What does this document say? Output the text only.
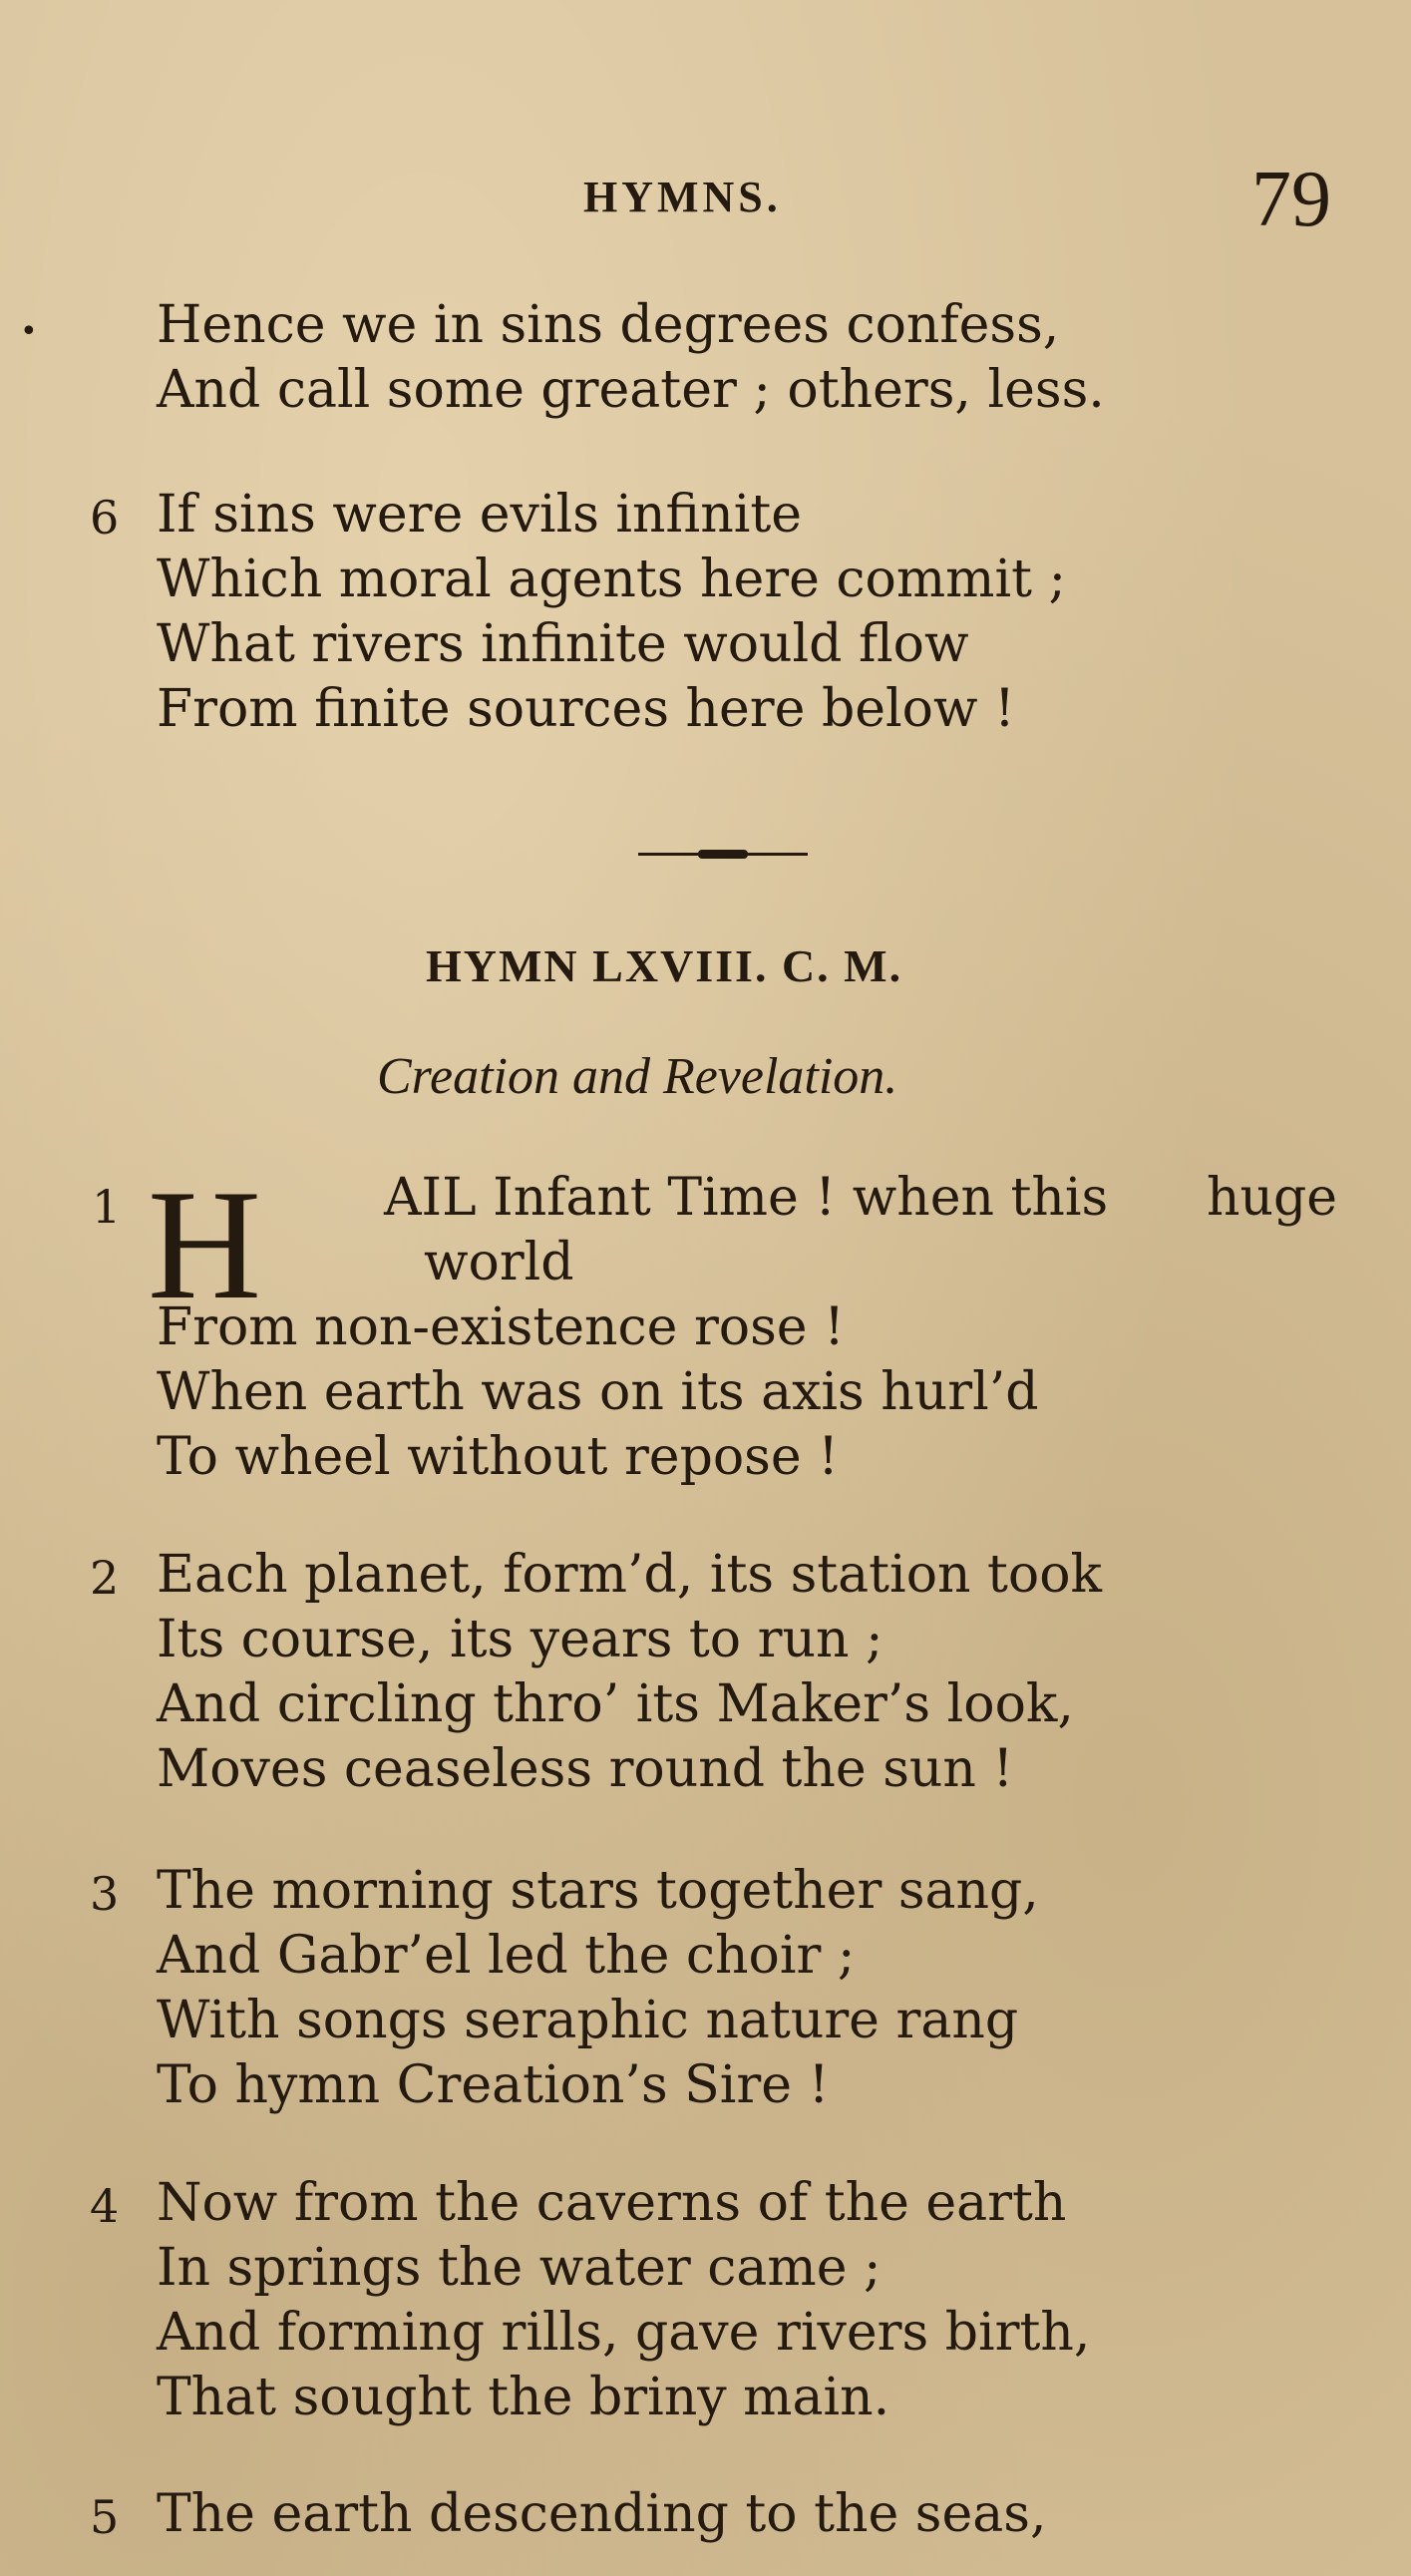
•
HYMNS.	79
Hence we in sins degrees confess,
And call some greater ; others, less.
6 If sins were evils infinite
Which moral agents here commit ;
What rivers infinite would flow
From finite sources here below !
HYMN LXVIII. C. M.
Creation and Revelation.
1 H AIL Infant Time ! when this huge
world
From non-existence rose !
When earth was on its axis hurl’d
To wheel without repose !
2 Each planet, form’d, its station took
Its course, its years to run ;
And circling thro’ its Maker’s look,
Moves ceaseless round the sun !
3 The morning stars together sang,
And Gabr’el led the choir ;
With songs seraphic nature rang
To hymn Creation’s Sire !
4 Now from the caverns of the earth
In springs the water came ;
And forming rills, gave rivers birth,
That sought the briny main.
5 The earth descending to the seas,
